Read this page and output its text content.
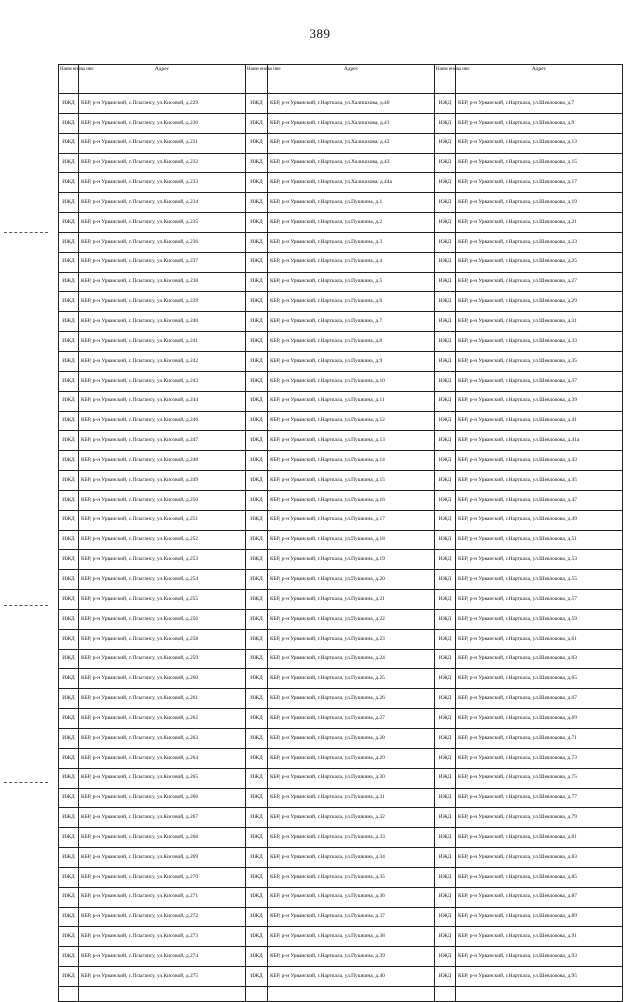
389
Наим енова ние	Адрес	Наим енова ние	Адрес	Наим енова ние	Адрес
ИЖД	КБР, р-н Урванский, с.Псыгансу, ул.Кисовой, д.229	ИЖД	КБР, р-н Урванский, г.Нарткала, ул.Халишхова, д.40	ИЖД	КБР, р-н Урванский, г.Нарткала, ул.Шевлокова, д.7
ИЖД	КБР, р-н Урванский, с.Псыгансу, ул.Кисовой, д.230	ИЖД	КБР, р-н Урванский, г.Нарткала, ул.Халишхова, д.41	ИЖД	КБР, р-н Урванский, г.Нарткала, ул.Шевлокова, д.9
ИЖД	КБР, р-н Урванский, с.Псыгансу, ул.Кисовой, д.231	ИЖД	КБР, р-н Урванский, г.Нарткала, ул.Халишхова, д.42	ИЖД	КБР, р-н Урванский, г.Нарткала, ул.Шевлокова, д.13
ИЖД	КБР, р-н Урванский, с.Псыгансу, ул.Кисовой, д.232	ИЖД	КБР, р-н Урванский, г.Нарткала, ул.Халишхова, д.43	ИЖД	КБР, р-н Урванский, г.Нарткала, ул.Шевлокова, д.15
ИЖД	КБР, р-н Урванский, с.Псыгансу, ул.Кисовой, д.233	ИЖД	КБР, р-н Урванский, г.Нарткала, ул.Халишхова, д.44а	ИЖД	КБР, р-н Урванский, г.Нарткала, ул.Шевлокова, д.17
ИЖД	КБР, р-н Урванский, с.Псыгансу, ул.Кисовой, д.234	ИЖД	КБР, р-н Урванский, г.Нарткала, ул.Пушкина, д.1	ИЖД	КБР, р-н Урванский, г.Нарткала, ул.Шевлокова, д.19
ИЖД	КБР, р-н Урванский, с.Псыгансу, ул.Кисовой, д.235	ИЖД	КБР, р-н Урванский, г.Нарткала, ул.Пушкина, д.2	ИЖД	КБР, р-н Урванский, г.Нарткала, ул.Шевлокова, д.21
ИЖД	КБР, р-н Урванский, с.Псыгансу, ул.Кисовой, д.236	ИЖД	КБР, р-н Урванский, г.Нарткала, ул.Пушкина, д.3	ИЖД	КБР, р-н Урванский, г.Нарткала, ул.Шевлокова, д.23
ИЖД	КБР, р-н Урванский, с.Псыгансу, ул.Кисовой, д.237	ИЖД	КБР, р-н Урванский, г.Нарткала, ул.Пушкина, д.4	ИЖД	КБР, р-н Урванский, г.Нарткала, ул.Шевлокова, д.25
ИЖД	КБР, р-н Урванский, с.Псыгансу, ул.Кисовой, д.238	ИЖД	КБР, р-н Урванский, г.Нарткала, ул.Пушкина, д.5	ИЖД	КБР, р-н Урванский, г.Нарткала, ул.Шевлокова, д.27
ИЖД	КБР, р-н Урванский, с.Псыгансу, ул.Кисовой, д.239	ИЖД	КБР, р-н Урванский, г.Нарткала, ул.Пушкина, д.6	ИЖД	КБР, р-н Урванский, г.Нарткала, ул.Шевлокова, д.29
ИЖД	КБР, р-н Урванский, с.Псыгансу, ул.Кисовой, д.240	ИЖД	КБР, р-н Урванский, г.Нарткала, ул.Пушкина, д.7	ИЖД	КБР, р-н Урванский, г.Нарткала, ул.Шевлокова, д.31
ИЖД	КБР, р-н Урванский, с.Псыгансу, ул.Кисовой, д.241	ИЖД	КБР, р-н Урванский, г.Нарткала, ул.Пушкина, д.8	ИЖД	КБР, р-н Урванский, г.Нарткала, ул.Шевлокова, д.33
ИЖД	КБР, р-н Урванский, с.Псыгансу, ул.Кисовой, д.242	ИЖД	КБР, р-н Урванский, г.Нарткала, ул.Пушкина, д.9	ИЖД	КБР, р-н Урванский, г.Нарткала, ул.Шевлокова, д.35
ИЖД	КБР, р-н Урванский, с.Псыгансу, ул.Кисовой, д.243	ИЖД	КБР, р-н Урванский, г.Нарткала, ул.Пушкина, д.10	ИЖД	КБР, р-н Урванский, г.Нарткала, ул.Шевлокова, д.37
ИЖД	КБР, р-н Урванский, с.Псыгансу, ул.Кисовой, д.244	ИЖД	КБР, р-н Урванский, г.Нарткала, ул.Пушкина, д.11	ИЖД	КБР, р-н Урванский, г.Нарткала, ул.Шевлокова, д.39
ИЖД	КБР, р-н Урванский, с.Псыгансу, ул.Кисовой, д.246	ИЖД	КБР, р-н Урванский, г.Нарткала, ул.Пушкина, д.12	ИЖД	КБР, р-н Урванский, г.Нарткала, ул.Шевлокова, д.41
ИЖД	КБР, р-н Урванский, с.Псыгансу, ул.Кисовой, д.247	ИЖД	КБР, р-н Урванский, г.Нарткала, ул.Пушкина, д.13	ИЖД	КБР, р-н Урванский, г.Нарткала, ул.Шевлокова, д.41а
ИЖД	КБР, р-н Урванский, с.Псыгансу, ул.Кисовой, д.248	ИЖД	КБР, р-н Урванский, г.Нарткала, ул.Пушкина, д.14	ИЖД	КБР, р-н Урванский, г.Нарткала, ул.Шевлокова, д.43
ИЖД	КБР, р-н Урванский, с.Псыгансу, ул.Кисовой, д.249	ИЖД	КБР, р-н Урванский, г.Нарткала, ул.Пушкина, д.15	ИЖД	КБР, р-н Урванский, г.Нарткала, ул.Шевлокова, д.45
ИЖД	КБР, р-н Урванский, с.Псыгансу, ул.Кисовой, д.250	ИЖД	КБР, р-н Урванский, г.Нарткала, ул.Пушкина, д.16	ИЖД	КБР, р-н Урванский, г.Нарткала, ул.Шевлокова, д.47
ИЖД	КБР, р-н Урванский, с.Псыгансу, ул.Кисовой, д.251	ИЖД	КБР, р-н Урванский, г.Нарткала, ул.Пушкина, д.17	ИЖД	КБР, р-н Урванский, г.Нарткала, ул.Шевлокова, д.49
ИЖД	КБР, р-н Урванский, с.Псыгансу, ул.Кисовой, д.252	ИЖД	КБР, р-н Урванский, г.Нарткала, ул.Пушкина, д.18	ИЖД	КБР, р-н Урванский, г.Нарткала, ул.Шевлокова, д.51
ИЖД	КБР, р-н Урванский, с.Псыгансу, ул.Кисовой, д.253	ИЖД	КБР, р-н Урванский, г.Нарткала, ул.Пушкина, д.19	ИЖД	КБР, р-н Урванский, г.Нарткала, ул.Шевлокова, д.53
ИЖД	КБР, р-н Урванский, с.Псыгансу, ул.Кисовой, д.254	ИЖД	КБР, р-н Урванский, г.Нарткала, ул.Пушкина, д.20	ИЖД	КБР, р-н Урванский, г.Нарткала, ул.Шевлокова, д.55
ИЖД	КБР, р-н Урванский, с.Псыгансу, ул.Кисовой, д.255	ИЖД	КБР, р-н Урванский, г.Нарткала, ул.Пушкина, д.21	ИЖД	КБР, р-н Урванский, г.Нарткала, ул.Шевлокова, д.57
ИЖД	КБР, р-н Урванский, с.Псыгансу, ул.Кисовой, д.256	ИЖД	КБР, р-н Урванский, г.Нарткала, ул.Пушкина, д.22	ИЖД	КБР, р-н Урванский, г.Нарткала, ул.Шевлокова, д.59
ИЖД	КБР, р-н Урванский, с.Псыгансу, ул.Кисовой, д.258	ИЖД	КБР, р-н Урванский, г.Нарткала, ул.Пушкина, д.23	ИЖД	КБР, р-н Урванский, г.Нарткала, ул.Шевлокова, д.61
ИЖД	КБР, р-н Урванский, с.Псыгансу, ул.Кисовой, д.259	ИЖД	КБР, р-н Урванский, г.Нарткала, ул.Пушкина, д.24	ИЖД	КБР, р-н Урванский, г.Нарткала, ул.Шевлокова, д.63
ИЖД	КБР, р-н Урванский, с.Псыгансу, ул.Кисовой, д.260	ИЖД	КБР, р-н Урванский, г.Нарткала, ул.Пушкина, д.25	ИЖД	КБР, р-н Урванский, г.Нарткала, ул.Шевлокова, д.65
ИЖД	КБР, р-н Урванский, с.Псыгансу, ул.Кисовой, д.261	ИЖД	КБР, р-н Урванский, г.Нарткала, ул.Пушкина, д.26	ИЖД	КБР, р-н Урванский, г.Нарткала, ул.Шевлокова, д.67
ИЖД	КБР, р-н Урванский, с.Псыгансу, ул.Кисовой, д.262	ИЖД	КБР, р-н Урванский, г.Нарткала, ул.Пушкина, д.27	ИЖД	КБР, р-н Урванский, г.Нарткала, ул.Шевлокова, д.69
ИЖД	КБР, р-н Урванский, с.Псыгансу, ул.Кисовой, д.263	ИЖД	КБР, р-н Урванский, г.Нарткала, ул.Пушкина, д.28	ИЖД	КБР, р-н Урванский, г.Нарткала, ул.Шевлокова, д.71
ИЖД	КБР, р-н Урванский, с.Псыгансу, ул.Кисовой, д.264	ИЖД	КБР, р-н Урванский, г.Нарткала, ул.Пушкина, д.29	ИЖД	КБР, р-н Урванский, г.Нарткала, ул.Шевлокова, д.73
ИЖД	КБР, р-н Урванский, с.Псыгансу, ул.Кисовой, д.265	ИЖД	КБР, р-н Урванский, г.Нарткала, ул.Пушкина, д.30	ИЖД	КБР, р-н Урванский, г.Нарткала, ул.Шевлокова, д.75
ИЖД	КБР, р-н Урванский, с.Псыгансу, ул.Кисовой, д.266	ИЖД	КБР, р-н Урванский, г.Нарткала, ул.Пушкина, д.31	ИЖД	КБР, р-н Урванский, г.Нарткала, ул.Шевлокова, д.77
ИЖД	КБР, р-н Урванский, с.Псыгансу, ул.Кисовой, д.267	ИЖД	КБР, р-н Урванский, г.Нарткала, ул.Пушкина, д.32	ИЖД	КБР, р-н Урванский, г.Нарткала, ул.Шевлокова, д.79
ИЖД	КБР, р-н Урванский, с.Псыгансу, ул.Кисовой, д.268	ИЖД	КБР, р-н Урванский, г.Нарткала, ул.Пушкина, д.33	ИЖД	КБР, р-н Урванский, г.Нарткала, ул.Шевлокова, д.81
ИЖД	КБР, р-н Урванский, с.Псыгансу, ул.Кисовой, д.269	ИЖД	КБР, р-н Урванский, г.Нарткала, ул.Пушкина, д.34	ИЖД	КБР, р-н Урванский, г.Нарткала, ул.Шевлокова, д.83
ИЖД	КБР, р-н Урванский, с.Псыгансу, ул.Кисовой, д.270	ИЖД	КБР, р-н Урванский, г.Нарткала, ул.Пушкина, д.35	ИЖД	КБР, р-н Урванский, г.Нарткала, ул.Шевлокова, д.85
ИЖД	КБР, р-н Урванский, с.Псыгансу, ул.Кисовой, д.271	ИЖД	КБР, р-н Урванский, г.Нарткала, ул.Пушкина, д.36	ИЖД	КБР, р-н Урванский, г.Нарткала, ул.Шевлокова, д.87
ИЖД	КБР, р-н Урванский, с.Псыгансу, ул.Кисовой, д.272	ИЖД	КБР, р-н Урванский, г.Нарткала, ул.Пушкина, д.37	ИЖД	КБР, р-н Урванский, г.Нарткала, ул.Шевлокова, д.89
ИЖД	КБР, р-н Урванский, с.Псыгансу, ул.Кисовой, д.273	ИЖД	КБР, р-н Урванский, г.Нарткала, ул.Пушкина, д.38	ИЖД	КБР, р-н Урванский, г.Нарткала, ул.Шевлокова, д.91
ИЖД	КБР, р-н Урванский, с.Псыгансу, ул.Кисовой, д.274	ИЖД	КБР, р-н Урванский, г.Нарткала, ул.Пушкина, д.39	ИЖД	КБР, р-н Урванский, г.Нарткала, ул.Шевлокова, д.93
ИЖД	КБР, р-н Урванский, с.Псыгансу, ул.Кисовой, д.275	ИЖД	КБР, р-н Урванский, г.Нарткала, ул.Пушкина, д.40	ИЖД	КБР, р-н Урванский, г.Нарткала, ул.Шевлокова, д.95
